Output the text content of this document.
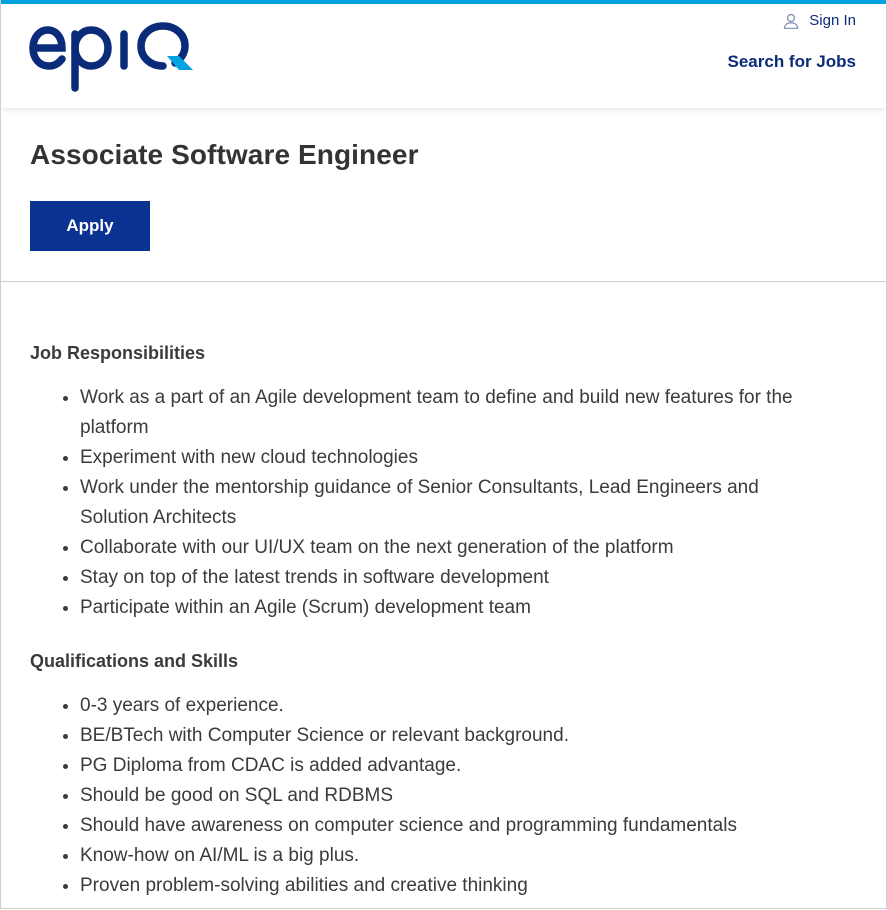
Sign In
Search for Jobs
Associate Software Engineer
Apply
Job Responsibilities
Work as a part of an Agile development team to define and build new features for the platform
Experiment with new cloud technologies
Work under the mentorship guidance of Senior Consultants, Lead Engineers and Solution Architects
Collaborate with our UI/UX team on the next generation of the platform
Stay on top of the latest trends in software development
Participate within an Agile (Scrum) development team
Qualifications and Skills
0-3 years of experience.
BE/BTech with Computer Science or relevant background.
PG Diploma from CDAC is added advantage.
Should be good on SQL and RDBMS
Should have awareness on computer science and programming fundamentals
Know-how on AI/ML is a big plus.
Proven problem-solving abilities and creative thinking
